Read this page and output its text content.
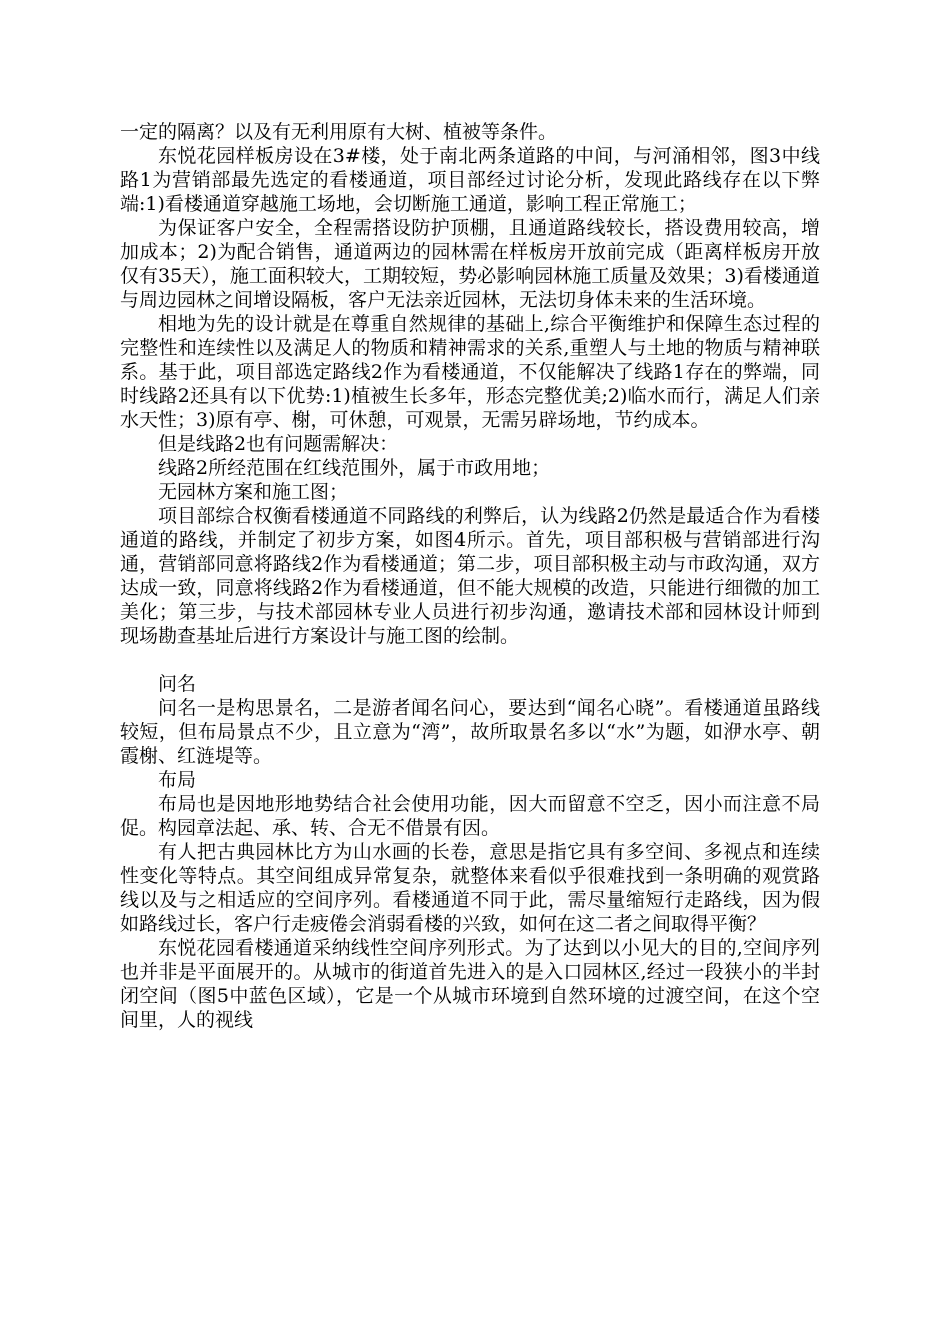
一定的隔离？以及有无利用原有大树、植被等条件。

东悦花园样板房设在3#楼，处于南北两条道路的中间，与河涌相邻，图3中线路1为营销部最先选定的看楼通道，项目部经过讨论分析，发现此路线存在以下弊端:1)看楼通道穿越施工场地，会切断施工通道，影响工程正常施工；

为保证客户安全，全程需搭设防护顶棚，且通道路线较长，搭设费用较高，增加成本；2)为配合销售，通道两边的园林需在样板房开放前完成（距离样板房开放仅有35天），施工面积较大，工期较短，势必影响园林施工质量及效果；3)看楼通道与周边园林之间增设隔板，客户无法亲近园林，无法切身体未来的生活环境。

相地为先的设计就是在尊重自然规律的基础上,综合平衡维护和保障生态过程的完整性和连续性以及满足人的物质和精神需求的关系,重塑人与土地的物质与精神联系。基于此，项目部选定路线2作为看楼通道，不仅能解决了线路1存在的弊端，同时线路2还具有以下优势:1)植被生长多年，形态完整优美;2)临水而行，满足人们亲水天性；3)原有亭、榭，可休憩，可观景，无需另辟场地，节约成本。

但是线路2也有问题需解决：

线路2所经范围在红线范围外，属于市政用地；

无园林方案和施工图；

项目部综合权衡看楼通道不同路线的利弊后，认为线路2仍然是最适合作为看楼通道的路线，并制定了初步方案，如图4所示。首先，项目部积极与营销部进行沟通，营销部同意将路线2作为看楼通道；第二步，项目部积极主动与市政沟通，双方达成一致，同意将线路2作为看楼通道，但不能大规模的改造，只能进行细微的加工美化；第三步，与技术部园林专业人员进行初步沟通，邀请技术部和园林设计师到现场勘查基址后进行方案设计与施工图的绘制。

问名

问名一是构思景名，二是游者闻名问心，要达到“闻名心晓”。看楼通道虽路线较短，但布局景点不少，且立意为“湾”，故所取景名多以“水”为题，如洢水亭、朝霞榭、红涟堤等。

布局

布局也是因地形地势结合社会使用功能，因大而留意不空乏，因小而注意不局促。构园章法起、承、转、合无不借景有因。

有人把古典园林比方为山水画的长卷，意思是指它具有多空间、多视点和连续性变化等特点。其空间组成异常复杂，就整体来看似乎很难找到一条明确的观赏路线以及与之相适应的空间序列。看楼通道不同于此，需尽量缩短行走路线，因为假如路线过长，客户行走疲倦会消弱看楼的兴致，如何在这二者之间取得平衡？

东悦花园看楼通道采纳线性空间序列形式。为了达到以小见大的目的,空间序列也并非是平面展开的。从城市的街道首先进入的是入口园林区,经过一段狭小的半封闭空间（图5中蓝色区域），它是一个从城市环境到自然环境的过渡空间，在这个空间里，人的视线
